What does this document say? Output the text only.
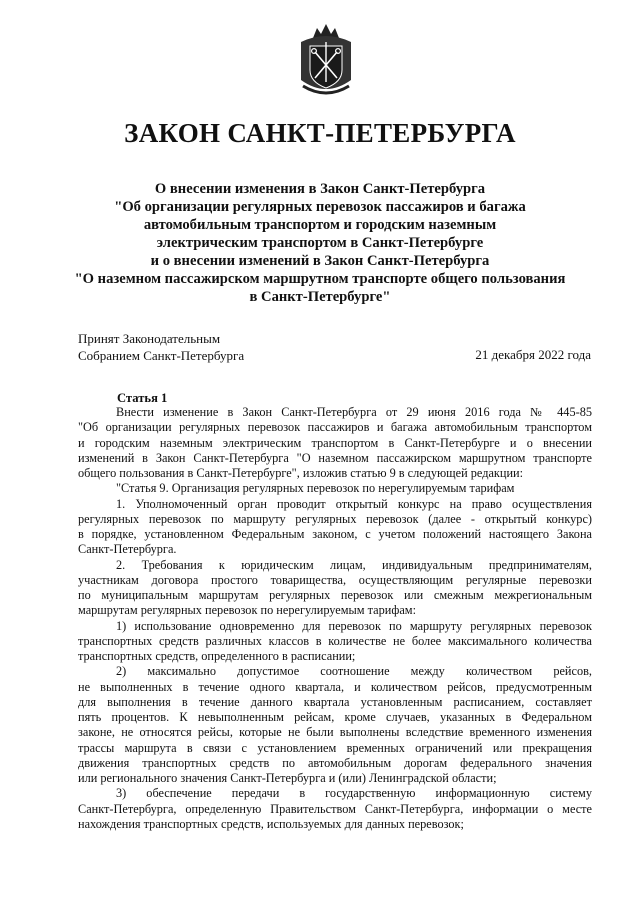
ЗАКОН САНКТ-ПЕТЕРБУРГА
О внесении изменения в Закон Санкт-Петербурга
"Об организации регулярных перевозок пассажиров и багажа
автомобильным транспортом и городским наземным
электрическим транспортом в Санкт-Петербурге
и о внесении изменений в Закон Санкт-Петербурга
"О наземном пассажирском маршрутном транспорте общего пользования
в Санкт-Петербурге"
Принят Законодательным
Собранием Санкт-Петербурга	21 декабря 2022 года
Статья 1

Внести изменение в Закон Санкт-Петербурга от 29 июня 2016 года № 445-85

"Об организации регулярных перевозок пассажиров и багажа автомобильным транспортом

и городским наземным электрическим транспортом в Санкт-Петербурге и о внесении

изменений в Закон Санкт-Петербурга "О наземном пассажирском маршрутном транспорте

общего пользования в Санкт-Петербурге", изложив статью 9 в следующей редакции:

"Статья 9. Организация регулярных перевозок по нерегулируемым тарифам

1. Уполномоченный орган проводит открытый конкурс на право осуществления

регулярных перевозок по маршруту регулярных перевозок (далее - открытый конкурс)

в порядке, установленном Федеральным законом, с учетом положений настоящего Закона

Санкт-Петербурга.

2. Требования к юридическим лицам, индивидуальным предпринимателям,

участникам договора простого товарищества, осуществляющим регулярные перевозки

по муниципальным маршрутам регулярных перевозок или смежным межрегиональным

маршрутам регулярных перевозок по нерегулируемым тарифам:

1) использование одновременно для перевозок по маршруту регулярных перевозок

транспортных средств различных классов в количестве не более максимального количества

транспортных средств, определенного в расписании;

2) максимально допустимое соотношение между количеством рейсов,

не выполненных в течение одного квартала, и количеством рейсов, предусмотренным

для выполнения в течение данного квартала установленным расписанием, составляет

пять процентов. К невыполненным рейсам, кроме случаев, указанных в Федеральном

законе, не относятся рейсы, которые не были выполнены вследствие временного изменения

трассы маршрута в связи с установлением временных ограничений или прекращения

движения транспортных средств по автомобильным дорогам федерального значения

или регионального значения Санкт-Петербурга и (или) Ленинградской области;

3) обеспечение передачи в государственную информационную систему

Санкт-Петербурга, определенную Правительством Санкт-Петербурга, информации о месте

нахождения транспортных средств, используемых для данных перевозок;
